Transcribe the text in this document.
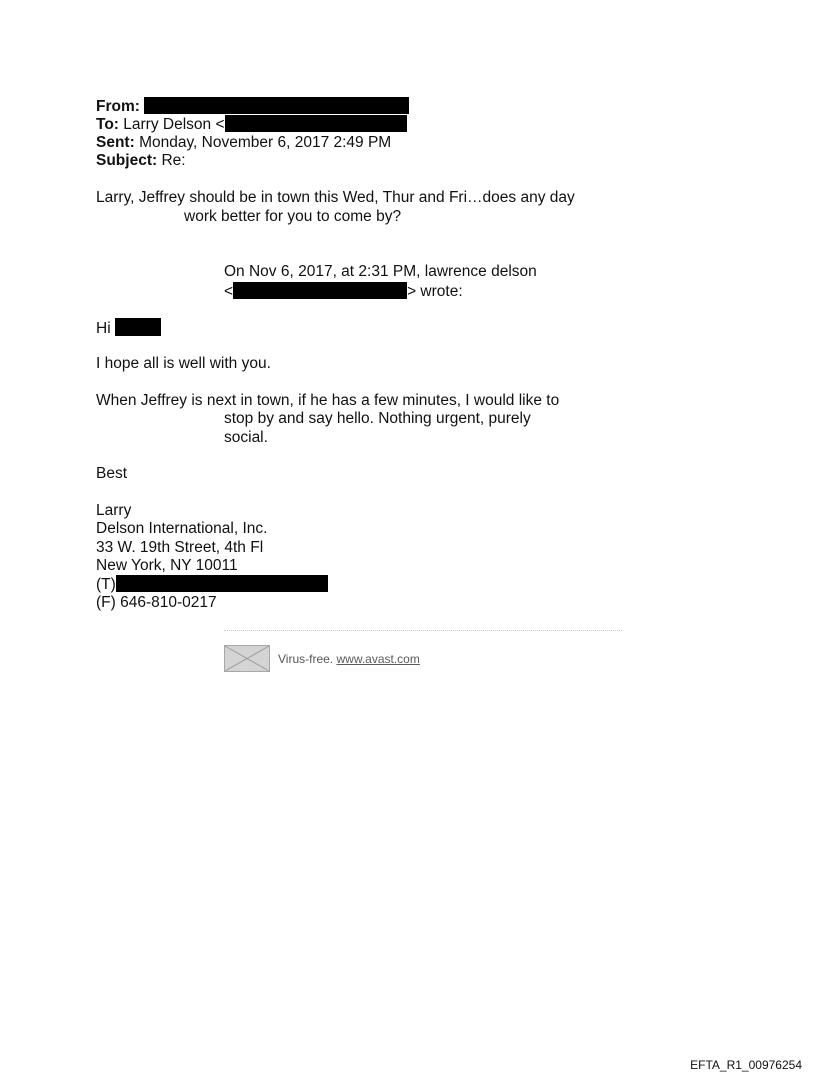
From:
To: Larry Delson <
Sent: Monday, November 6, 2017 2:49 PM
Subject: Re:
Larry, Jeffrey should be in town this Wed, Thur and Fri…does any day
work better for you to come by?
On Nov 6, 2017, at 2:31 PM, lawrence delson
<	> wrote:
Hi
I hope all is well with you.
When Jeffrey is next in town, if he has a few minutes, I would like to
stop by and say hello. Nothing urgent, purely
social.
Best
Larry
Delson International, Inc.
33 W. 19th Street, 4th Fl
New York, NY 10011
(T)
(F) 646-810-0217
Virus-free. www.avast.com
EFTA_R1_00976254
